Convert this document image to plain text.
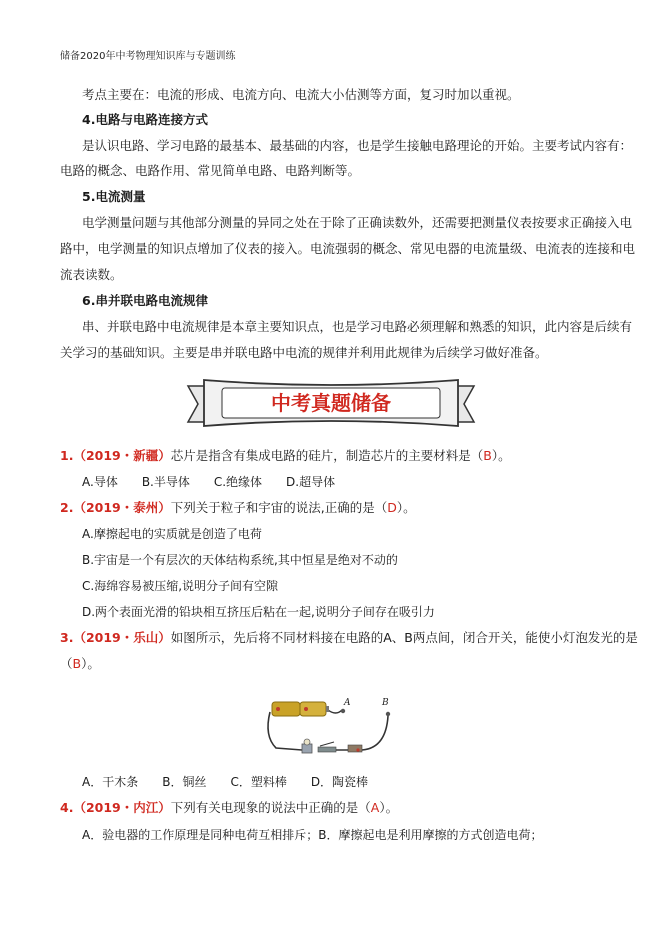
储备2020年中考物理知识库与专题训练
考点主要在：电流的形成、电流方向、电流大小估测等方面，复习时加以重视。
4.电路与电路连接方式
是认识电路、学习电路的最基本、最基础的内容，也是学生接触电路理论的开始。主要考试内容有：
电路的概念、电路作用、常见简单电路、电路判断等。
5.电流测量
电学测量问题与其他部分测量的异同之处在于除了正确读数外，还需要把测量仪表按要求正确接入电
路中，电学测量的知识点增加了仪表的接入。电流强弱的概念、常见电器的电流量级、电流表的连接和电
流表读数。
6.串并联电路电流规律
串、并联电路中电流规律是本章主要知识点，也是学习电路必须理解和熟悉的知识，此内容是后续有
关学习的基础知识。主要是串并联电路中电流的规律并利用此规律为后续学习做好准备。
中考真题储备
1.（2019・新疆）芯片是指含有集成电路的硅片，制造芯片的主要材料是（B）。
A.导体　　B.半导体　　C.绝缘体　　D.超导体
2.（2019・泰州）下列关于粒子和宇宙的说法,正确的是（D）。
A.摩擦起电的实质就是创造了电荷
B.宇宙是一个有层次的天体结构系统,其中恒星是绝对不动的
C.海绵容易被压缩,说明分子间有空隙
D.两个表面光滑的铅块相互挤压后粘在一起,说明分子间存在吸引力
3.（2019・乐山）如图所示，先后将不同材料接在电路的A、B两点间，闭合开关，能使小灯泡发光的是
（B）。
A	B
A．干木条　　B．铜丝　　C．塑料棒　　D．陶瓷棒
4.（2019・内江）下列有关电现象的说法中正确的是（A）。
A．验电器的工作原理是同种电荷互相排斥；B．摩擦起电是利用摩擦的方式创造电荷；
